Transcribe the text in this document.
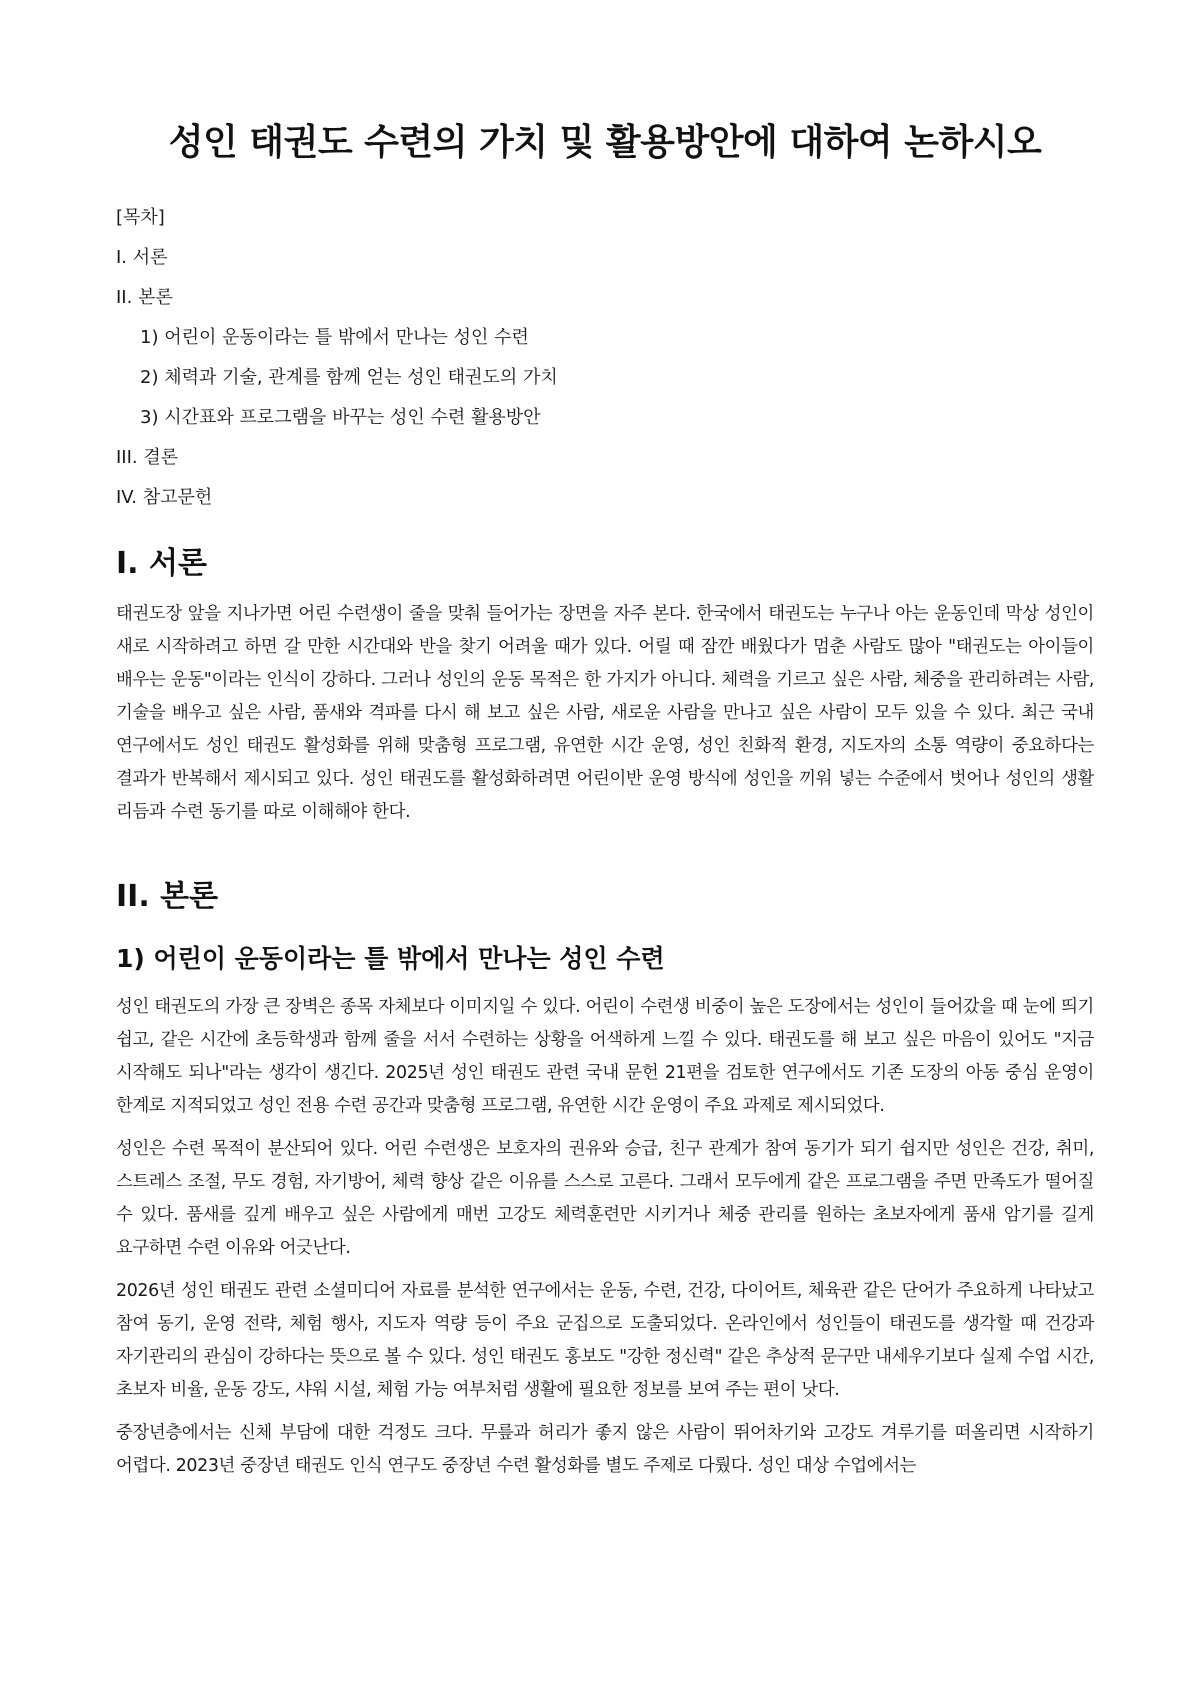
성인 태권도 수련의 가치 및 활용방안에 대하여 논하시오
[목차]
I. 서론
II. 본론
1) 어린이 운동이라는 틀 밖에서 만나는 성인 수련
2) 체력과 기술, 관계를 함께 얻는 성인 태권도의 가치
3) 시간표와 프로그램을 바꾸는 성인 수련 활용방안
III. 결론
IV. 참고문헌
I. 서론

태권도장 앞을 지나가면 어린 수련생이 줄을 맞춰 들어가는 장면을 자주 본다. 한국에서 태권도는 누구나 아는 운동인데 막상 성인이 새로 시작하려고 하면 갈 만한 시간대와 반을 찾기 어려울 때가 있다. 어릴 때 잠깐 배웠다가 멈춘 사람도 많아 "태권도는 아이들이 배우는 운동"이라는 인식이 강하다. 그러나 성인의 운동 목적은 한 가지가 아니다. 체력을 기르고 싶은 사람, 체중을 관리하려는 사람, 기술을 배우고 싶은 사람, 품새와 격파를 다시 해 보고 싶은 사람, 새로운 사람을 만나고 싶은 사람이 모두 있을 수 있다. 최근 국내 연구에서도 성인 태권도 활성화를 위해 맞춤형 프로그램, 유연한 시간 운영, 성인 친화적 환경, 지도자의 소통 역량이 중요하다는 결과가 반복해서 제시되고 있다. 성인 태권도를 활성화하려면 어린이반 운영 방식에 성인을 끼워 넣는 수준에서 벗어나 성인의 생활 리듬과 수련 동기를 따로 이해해야 한다.

II. 본론
1) 어린이 운동이라는 틀 밖에서 만나는 성인 수련

성인 태권도의 가장 큰 장벽은 종목 자체보다 이미지일 수 있다. 어린이 수련생 비중이 높은 도장에서는 성인이 들어갔을 때 눈에 띄기 쉽고, 같은 시간에 초등학생과 함께 줄을 서서 수련하는 상황을 어색하게 느낄 수 있다. 태권도를 해 보고 싶은 마음이 있어도 "지금 시작해도 되나"라는 생각이 생긴다. 2025년 성인 태권도 관련 국내 문헌 21편을 검토한 연구에서도 기존 도장의 아동 중심 운영이 한계로 지적되었고 성인 전용 수련 공간과 맞춤형 프로그램, 유연한 시간 운영이 주요 과제로 제시되었다.

성인은 수련 목적이 분산되어 있다. 어린 수련생은 보호자의 권유와 승급, 친구 관계가 참여 동기가 되기 쉽지만 성인은 건강, 취미, 스트레스 조절, 무도 경험, 자기방어, 체력 향상 같은 이유를 스스로 고른다. 그래서 모두에게 같은 프로그램을 주면 만족도가 떨어질 수 있다. 품새를 깊게 배우고 싶은 사람에게 매번 고강도 체력훈련만 시키거나 체중 관리를 원하는 초보자에게 품새 암기를 길게 요구하면 수련 이유와 어긋난다.

2026년 성인 태권도 관련 소셜미디어 자료를 분석한 연구에서는 운동, 수련, 건강, 다이어트, 체육관 같은 단어가 주요하게 나타났고 참여 동기, 운영 전략, 체험 행사, 지도자 역량 등이 주요 군집으로 도출되었다. 온라인에서 성인들이 태권도를 생각할 때 건강과 자기관리의 관심이 강하다는 뜻으로 볼 수 있다. 성인 태권도 홍보도 "강한 정신력" 같은 추상적 문구만 내세우기보다 실제 수업 시간, 초보자 비율, 운동 강도, 샤워 시설, 체험 가능 여부처럼 생활에 필요한 정보를 보여 주는 편이 낫다.

중장년층에서는 신체 부담에 대한 걱정도 크다. 무릎과 허리가 좋지 않은 사람이 뛰어차기와 고강도 겨루기를 떠올리면 시작하기 어렵다. 2023년 중장년 태권도 인식 연구도 중장년 수련 활성화를 별도 주제로 다뤘다. 성인 대상 수업에서는
